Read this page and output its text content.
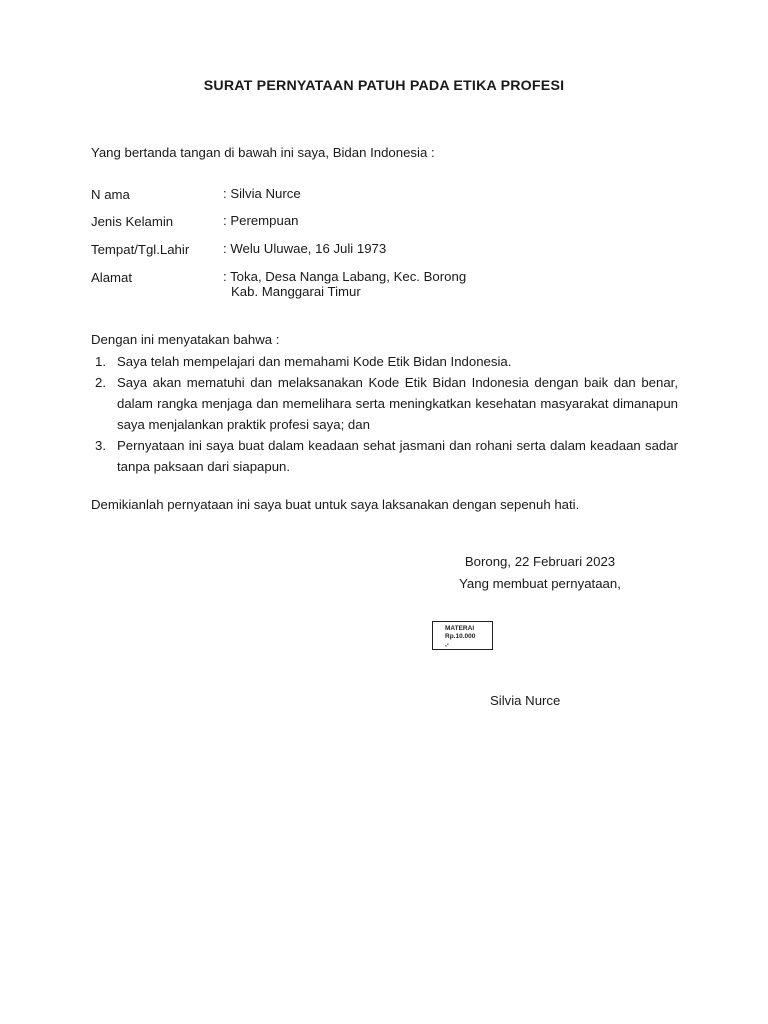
SURAT PERNYATAAN PATUH PADA ETIKA PROFESI
Yang bertanda tangan di bawah ini saya, Bidan Indonesia :
N ama	: Silvia Nurce
Jenis Kelamin	: Perempuan
Tempat/Tgl.Lahir	: Welu Uluwae, 16 Juli 1973
Alamat	: Toka, Desa Nanga Labang, Kec. Borong
Kab. Manggarai Timur
Dengan ini menyatakan bahwa :
1. Saya telah mempelajari dan memahami Kode Etik Bidan Indonesia.
2. Saya akan mematuhi dan melaksanakan Kode Etik Bidan Indonesia dengan baik dan benar, dalam rangka menjaga dan memelihara serta meningkatkan kesehatan masyarakat dimanapun saya menjalankan praktik profesi saya; dan
3. Pernyataan ini saya buat dalam keadaan sehat jasmani dan rohani serta dalam keadaan sadar tanpa paksaan dari siapapun.
Demikianlah pernyataan ini saya buat untuk saya laksanakan dengan sepenuh hati.
Borong, 22 Februari 2023
Yang membuat pernyataan,
MATERAI
Rp.10.000
,-
Silvia Nurce
